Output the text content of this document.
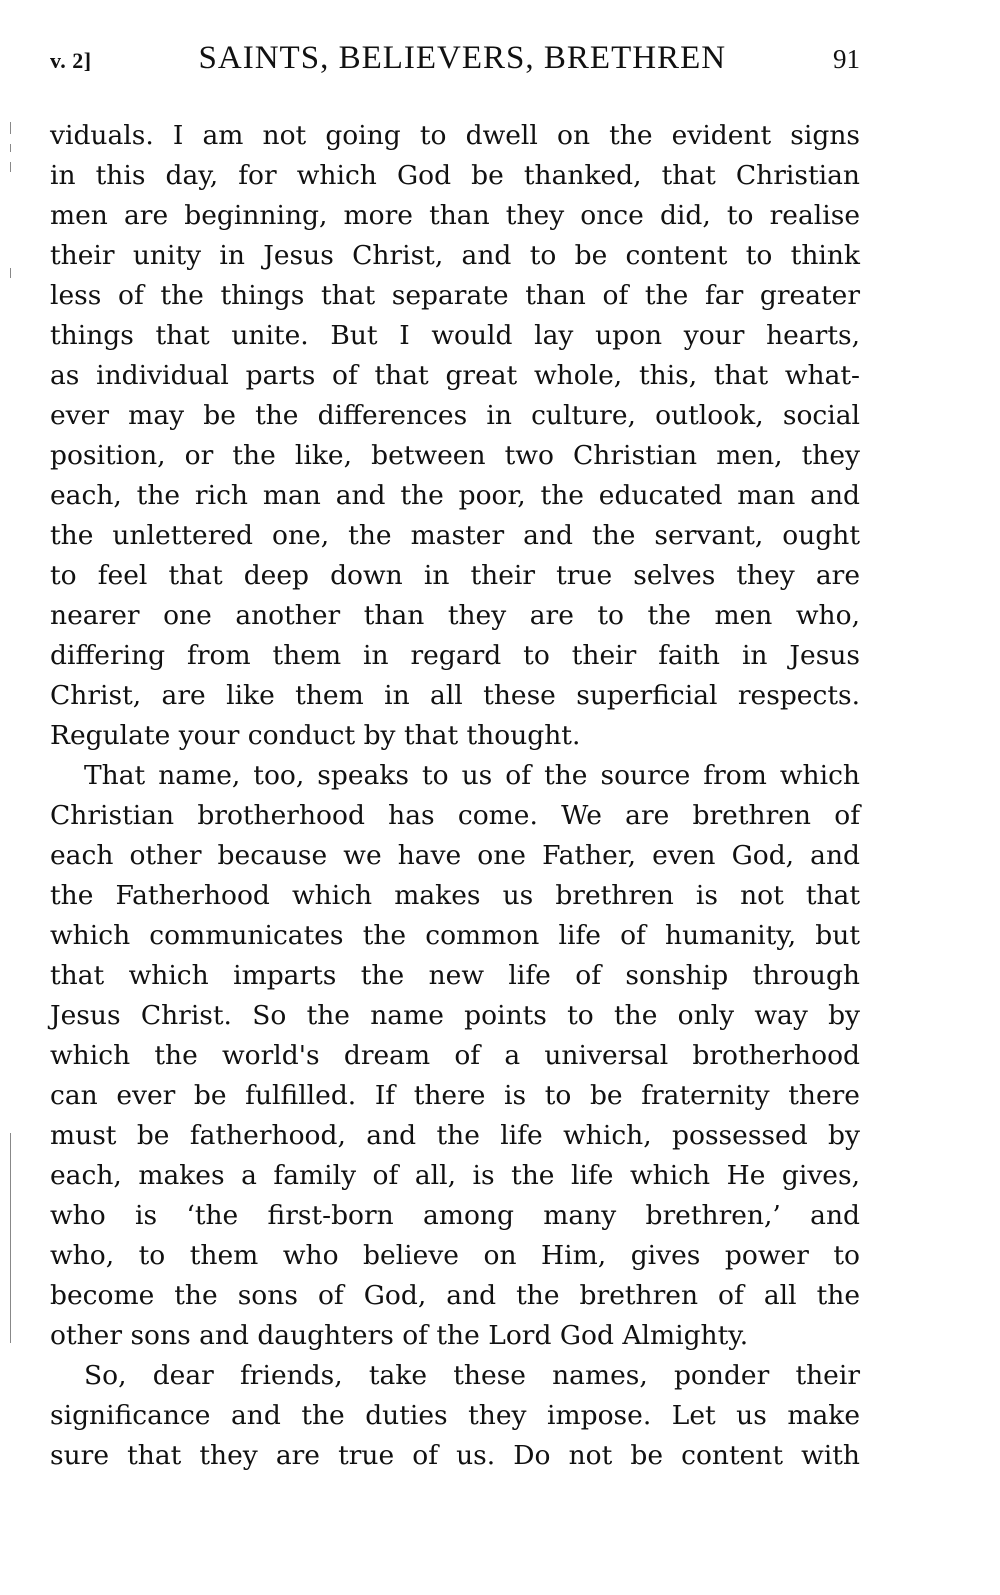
v. 2]	SAINTS, BELIEVERS, BRETHREN	91
viduals. I am not going to dwell on the evident signs
in this day, for which God be thanked, that Christian
men are beginning, more than they once did, to realise
their unity in Jesus Christ, and to be content to think
less of the things that separate than of the far greater
things that unite. But I would lay upon your hearts,
as individual parts of that great whole, this, that what-
ever may be the differences in culture, outlook, social
position, or the like, between two Christian men, they
each, the rich man and the poor, the educated man and
the unlettered one, the master and the servant, ought
to feel that deep down in their true selves they are
nearer one another than they are to the men who,
differing from them in regard to their faith in Jesus
Christ, are like them in all these superficial respects.
Regulate your conduct by that thought.
That name, too, speaks to us of the source from which
Christian brotherhood has come. We are brethren of
each other because we have one Father, even God, and
the Fatherhood which makes us brethren is not that
which communicates the common life of humanity, but
that which imparts the new life of sonship through
Jesus Christ. So the name points to the only way by
which the world's dream of a universal brotherhood
can ever be fulfilled. If there is to be fraternity there
must be fatherhood, and the life which, possessed by
each, makes a family of all, is the life which He gives,
who is ‘the first-born among many brethren,’ and
who, to them who believe on Him, gives power to
become the sons of God, and the brethren of all the
other sons and daughters of the Lord God Almighty.
So, dear friends, take these names, ponder their
significance and the duties they impose. Let us make
sure that they are true of us. Do not be content with
